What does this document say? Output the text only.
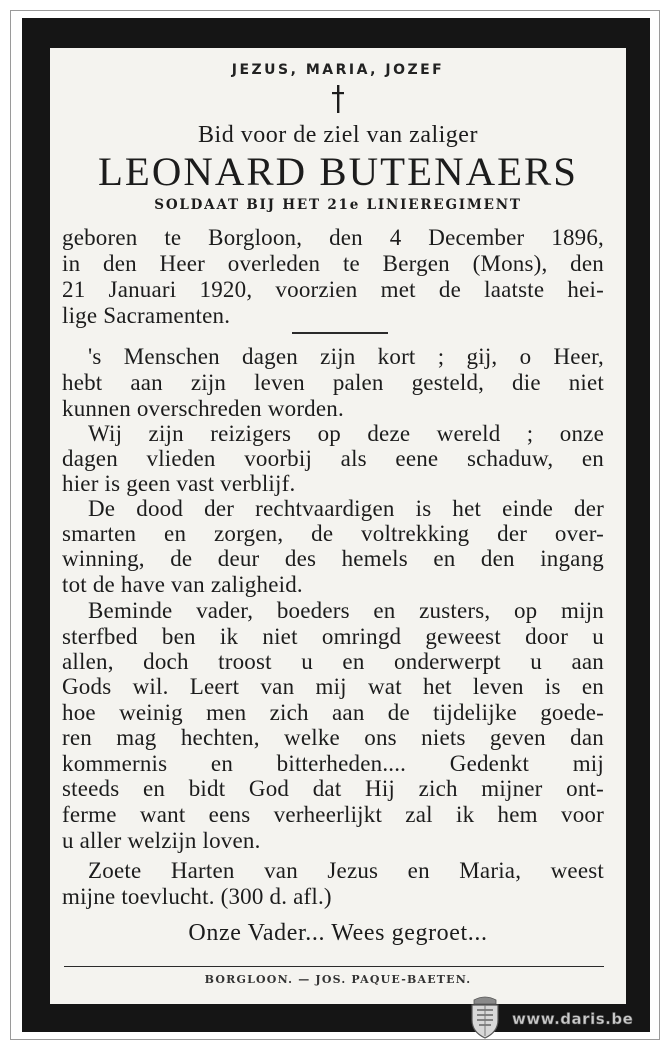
JEZUS, MARIA, JOZEF
Bid voor de ziel van zaliger
LEONARD BUTENAERS
SOLDAAT BIJ HET 21e LINIEREGIMENT
geboren te Borgloon, den 4 December 1896,
in den Heer overleden te Bergen (Mons), den
21 Januari 1920, voorzien met de laatste hei-
lige Sacramenten.
's Menschen dagen zijn kort ; gij, o Heer,
hebt aan zijn leven palen gesteld, die niet
kunnen overschreden worden.
Wij zijn reizigers op deze wereld ; onze
dagen vlieden voorbij als eene schaduw, en
hier is geen vast verblijf.
De dood der rechtvaardigen is het einde der
smarten en zorgen, de voltrekking der over-
winning, de deur des hemels en den ingang
tot de have van zaligheid.
Beminde vader, boeders en zusters, op mijn
sterfbed ben ik niet omringd geweest door u
allen, doch troost u en onderwerpt u aan
Gods wil. Leert van mij wat het leven is en
hoe weinig men zich aan de tijdelijke goede-
ren mag hechten, welke ons niets geven dan
kommernis en bitterheden.... Gedenkt mij
steeds en bidt God dat Hij zich mijner ont-
ferme want eens verheerlijkt zal ik hem voor
u aller welzijn loven.
Zoete Harten van Jezus en Maria, weest
mijne toevlucht. (300 d. afl.)
Onze Vader... Wees gegroet...
BORGLOON. — JOS. PAQUE-BAETEN.
www.daris.be
